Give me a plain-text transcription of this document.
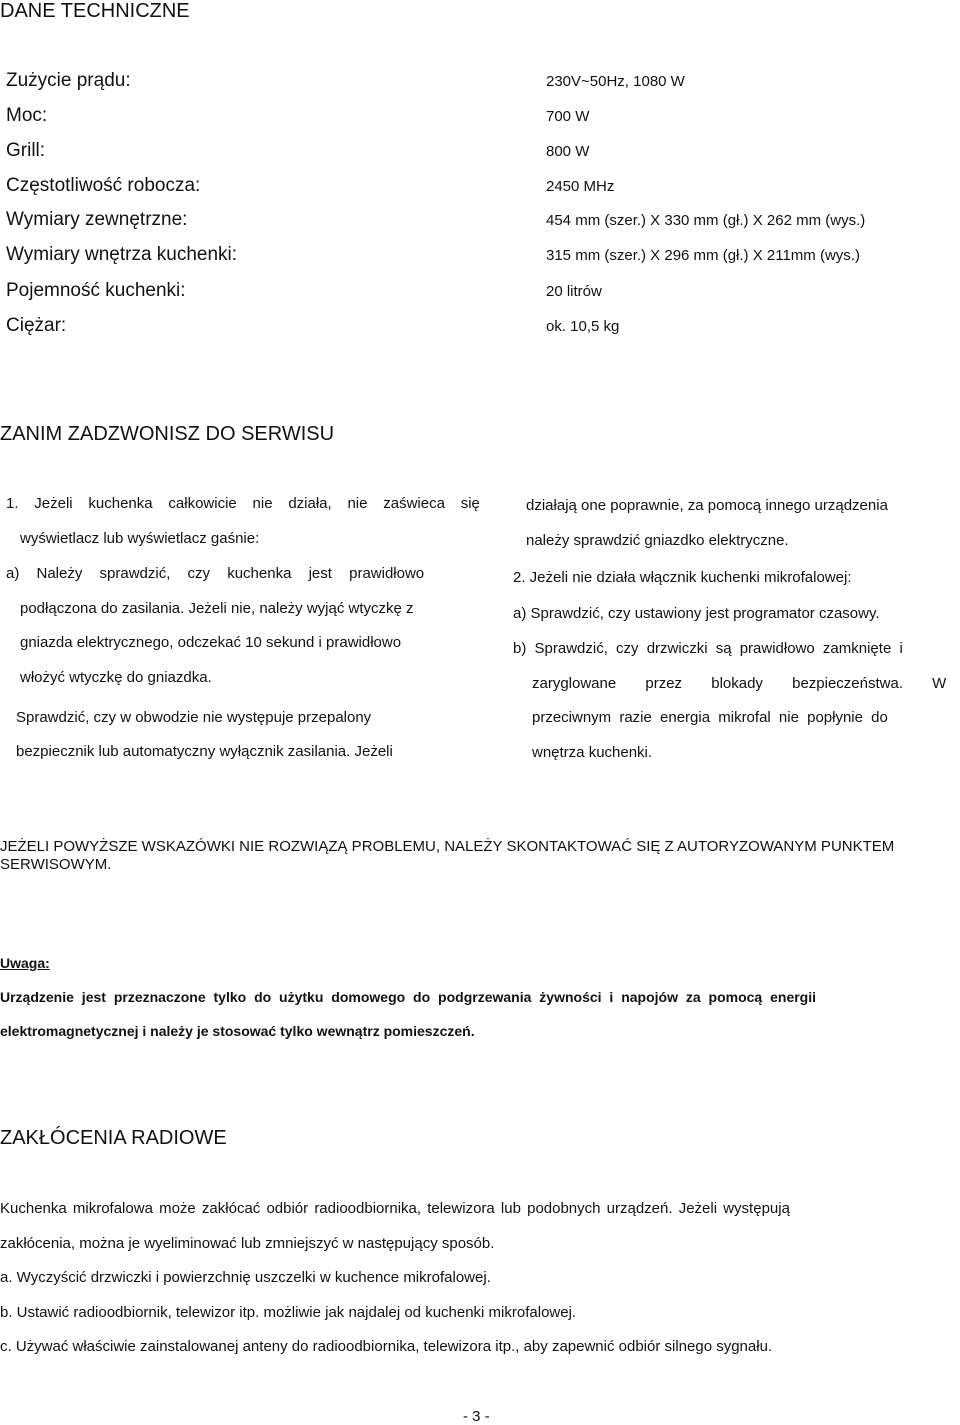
DANE TECHNICZNE
Zużycie prądu:	230V~50Hz, 1080 W
Moc:	700 W
Grill:	800 W
Częstotliwość robocza:	2450 MHz
Wymiary zewnętrzne:	454 mm (szer.) X 330 mm (gł.) X 262 mm (wys.)
Wymiary wnętrza kuchenki:	315 mm (szer.) X 296 mm (gł.) X 211mm (wys.)
Pojemność kuchenki:	20 litrów
Ciężar:	ok. 10,5 kg
ZANIM ZADZWONISZ DO SERWISU
1. Jeżeli kuchenka całkowicie nie działa, nie zaświeca się
wyświetlacz lub wyświetlacz gaśnie:
a) Należy sprawdzić, czy kuchenka jest prawidłowo
podłączona do zasilania. Jeżeli nie, należy wyjąć wtyczkę z
gniazda elektrycznego, odczekać 10 sekund i prawidłowo
włożyć wtyczkę do gniazdka.
Sprawdzić, czy w obwodzie nie występuje przepalony
bezpiecznik lub automatyczny wyłącznik zasilania. Jeżeli
działają one poprawnie, za pomocą innego urządzenia
należy sprawdzić gniazdko elektryczne.
2. Jeżeli nie działa włącznik kuchenki mikrofalowej:
a) Sprawdzić, czy ustawiony jest programator czasowy.
b) Sprawdzić, czy drzwiczki są prawidłowo zamknięte i
zaryglowane przez blokady bezpieczeństwa. W
przeciwnym razie energia mikrofal nie popłynie do
wnętrza kuchenki.
JEŻELI POWYŻSZE WSKAZÓWKI NIE ROZWIĄZĄ PROBLEMU, NALEŻY SKONTAKTOWAĆ SIĘ Z AUTORYZOWANYM PUNKTEM SERWISOWYM.
Uwaga:
Urządzenie jest przeznaczone tylko do użytku domowego do podgrzewania żywności i napojów za pomocą energii
elektromagnetycznej i należy je stosować tylko wewnątrz pomieszczeń.
ZAKŁÓCENIA RADIOWE
Kuchenka mikrofalowa może zakłócać odbiór radioodbiornika, telewizora lub podobnych urządzeń. Jeżeli występują
zakłócenia, można je wyeliminować lub zmniejszyć w następujący sposób.
a. Wyczyścić drzwiczki i powierzchnię uszczelki w kuchence mikrofalowej.
b. Ustawić radioodbiornik, telewizor itp. możliwie jak najdalej od kuchenki mikrofalowej.
c. Używać właściwie zainstalowanej anteny do radioodbiornika, telewizora itp., aby zapewnić odbiór silnego sygnału.
- 3 -
